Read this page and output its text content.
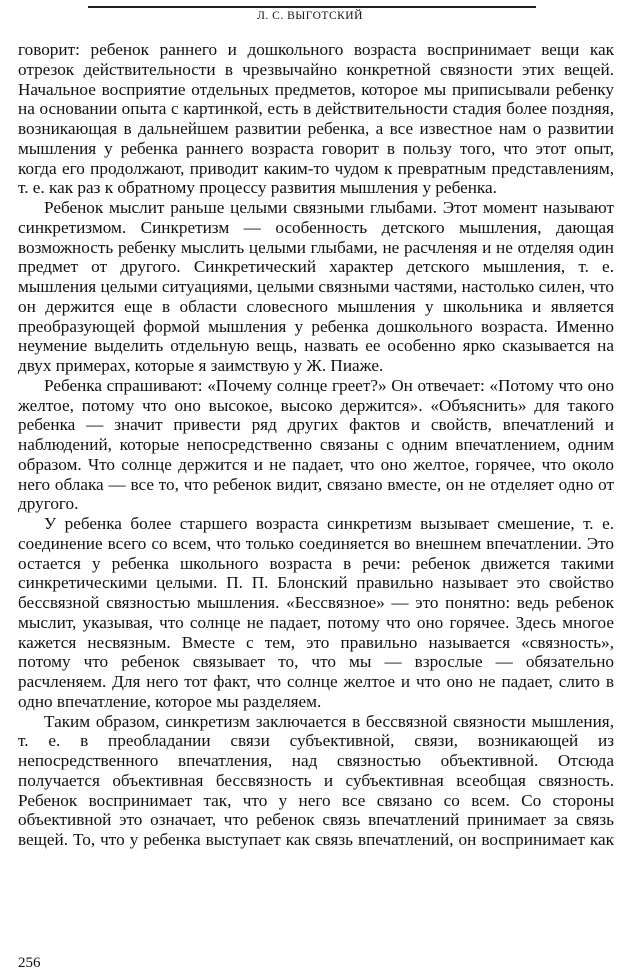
Л. С. ВЫГОТСКИЙ

говорит: ребенок раннего и дошкольного возраста воспринимает вещи как отрезок действительности в чрезвычайно конкретной связности этих вещей. Начальное восприятие отдельных предметов, которое мы приписывали ребенку на основании опыта с картинкой, есть в действительности стадия более поздняя, возникающая в дальнейшем развитии ребенка, а все известное нам о развитии мышления у ребенка раннего возраста говорит в пользу того, что этот опыт, когда его продолжают, приводит каким-то чудом к превратным представлениям, т. е. как раз к обратному процессу развития мышления у ребенка.

Ребенок мыслит раньше целыми связными глыбами. Этот момент называют синкретизмом. Синкретизм — особенность детского мышления, дающая возможность ребенку мыслить целыми глыбами, не расчленяя и не отделяя один предмет от другого. Синкретический характер детского мышления, т. е. мышления целыми ситуациями, целыми связными частями, настолько силен, что он держится еще в области словесного мышления у школьника и является преобразующей формой мышления у ребенка дошкольного возраста. Именно неумение выделить отдельную вещь, назвать ее особенно ярко сказывается на двух примерах, которые я заимствую у Ж. Пиаже.

Ребенка спрашивают: «Почему солнце греет?» Он отвечает: «Потому что оно желтое, потому что оно высокое, высоко держится». «Объяснить» для такого ребенка — значит привести ряд других фактов и свойств, впечатлений и наблюдений, которые непосредственно связаны с одним впечатлением, одним образом. Что солнце держится и не падает, что оно желтое, горячее, что около него облака — все то, что ребенок видит, связано вместе, он не отделяет одно от другого.

У ребенка более старшего возраста синкретизм вызывает смешение, т. е. соединение всего со всем, что только соединяется во внешнем впечатлении. Это остается у ребенка школьного возраста в речи: ребенок движется такими синкретическими целыми. П. П. Блонский правильно называет это свойство бессвязной связностью мышления. «Бессвязное» — это понятно: ведь ребенок мыслит, указывая, что солнце не падает, потому что оно горячее. Здесь многое кажется несвязным. Вместе с тем, это правильно называется «связность», потому что ребенок связывает то, что мы — взрослые — обязательно расчленяем. Для него тот факт, что солнце желтое и что оно не падает, слито в одно впечатление, которое мы разделяем.

Таким образом, синкретизм заключается в бессвязной связности мышления, т. е. в преобладании связи субъективной, связи, возникающей из непосредственного впечатления, над связностью объективной. Отсюда получается объективная бессвязность и субъективная всеобщая связность. Ребенок воспринимает так, что у него все связано со всем. Со стороны объективной это означает, что ребенок связь впечатлений принимает за связь вещей. То, что у ребенка выступает как связь впечатлений, он воспринимает как

256
